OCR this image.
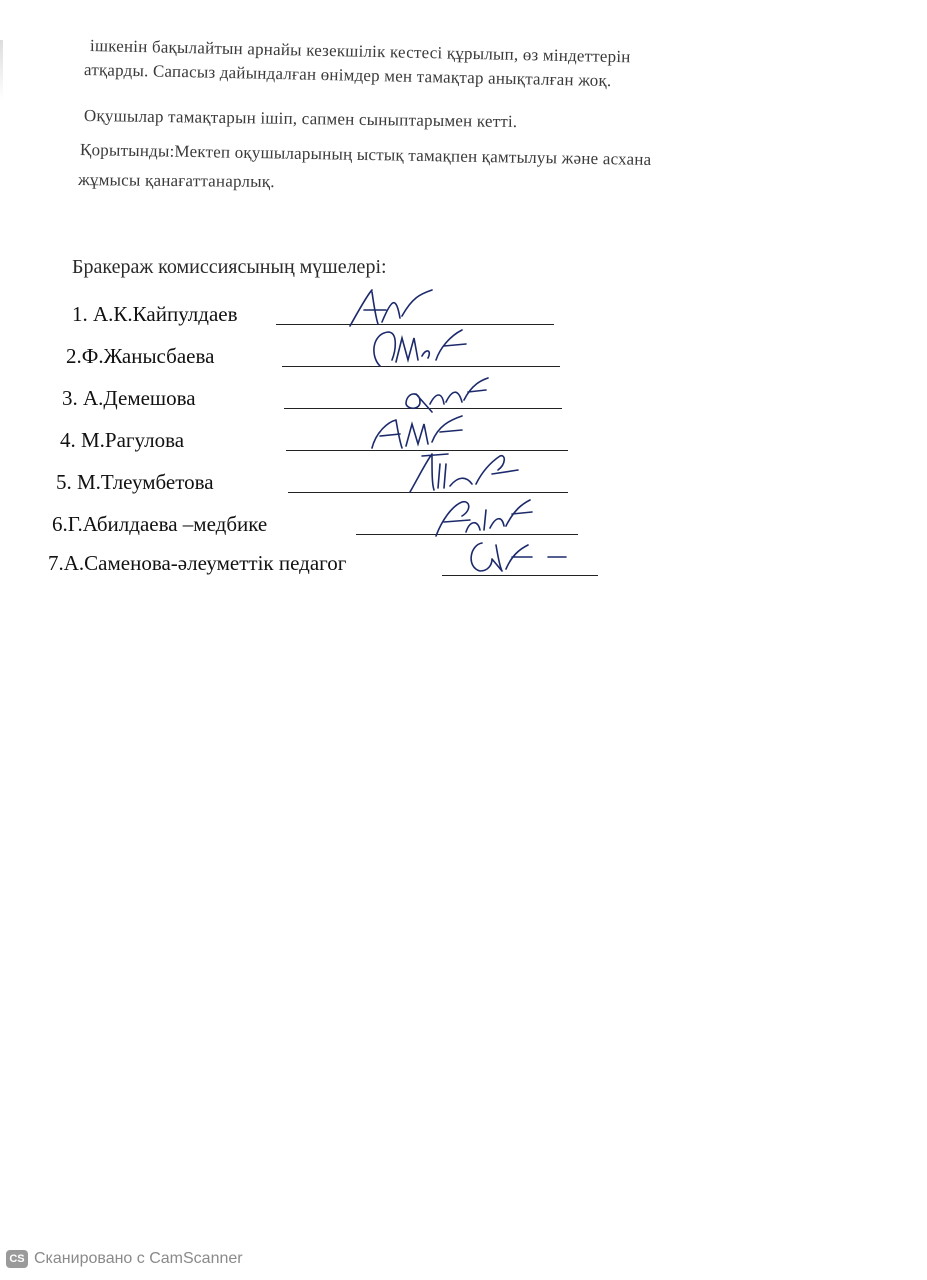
ішкенін бақылайтын арнайы кезекшілік кестесі құрылып, өз міндеттерін
атқарды. Сапасыз дайындалған өнімдер мен тамақтар анықталған жоқ.
Оқушылар тамақтарын ішіп, сапмен сыныптарымен кетті.
Қорытынды:Мектеп оқушыларының ыстық тамақпен қамтылуы және асхана
жұмысы қанағаттанарлық.
Бракераж комиссиясының мүшелері:
1. А.К.Кайпулдаев
2.Ф.Жанысбаева
3. А.Демешова
4. М.Рагулова
5. М.Тлеумбетова
6.Г.Абилдаева –медбике
7.А.Саменова-әлеуметтік педагог
CS Сканировано с CamScanner
